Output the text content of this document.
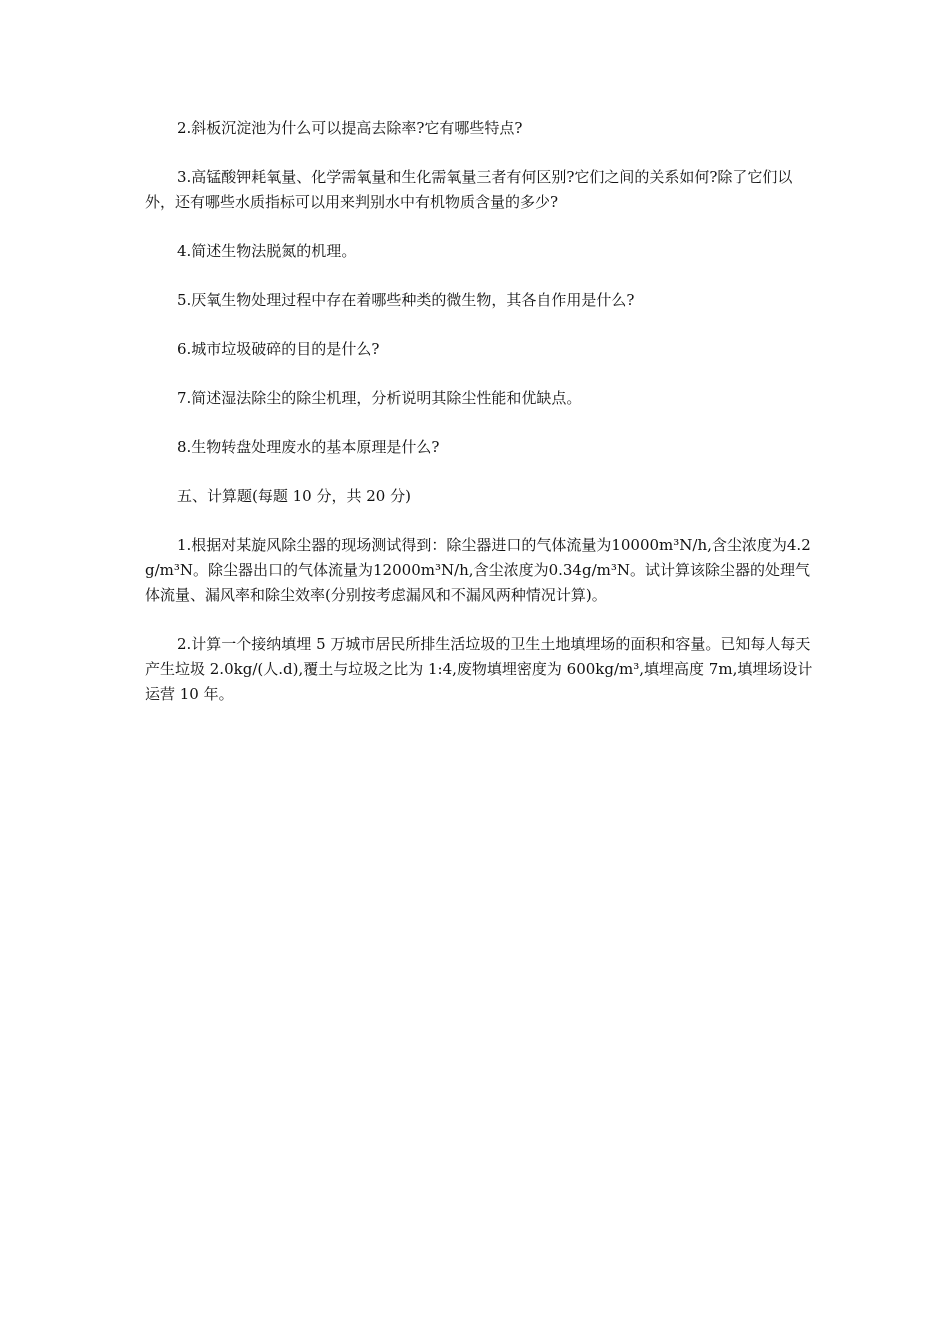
2.斜板沉淀池为什么可以提高去除率?它有哪些特点?

3.高锰酸钾耗氧量、化学需氧量和生化需氧量三者有何区别?它们之间的关系如何?除了它们以外，还有哪些水质指标可以用来判别水中有机物质含量的多少?

4.简述生物法脱氮的机理。

5.厌氧生物处理过程中存在着哪些种类的微生物，其各自作用是什么?

6.城市垃圾破碎的目的是什么?

7.简述湿法除尘的除尘机理，分析说明其除尘性能和优缺点。

8.生物转盘处理废水的基本原理是什么?

五、计算题(每题 10 分，共 20 分)

1.根据对某旋风除尘器的现场测试得到：除尘器进口的气体流量为10000m³N/h,含尘浓度为4.2g/m³N。除尘器出口的气体流量为12000m³N/h,含尘浓度为0.34g/m³N。试计算该除尘器的处理气体流量、漏风率和除尘效率(分别按考虑漏风和不漏风两种情况计算)。

2.计算一个接纳填埋 5 万城市居民所排生活垃圾的卫生土地填埋场的面积和容量。已知每人每天产生垃圾 2.0kg/(人.d),覆土与垃圾之比为 1:4,废物填埋密度为 600kg/m³,填埋高度 7m,填埋场设计运营 10 年。
